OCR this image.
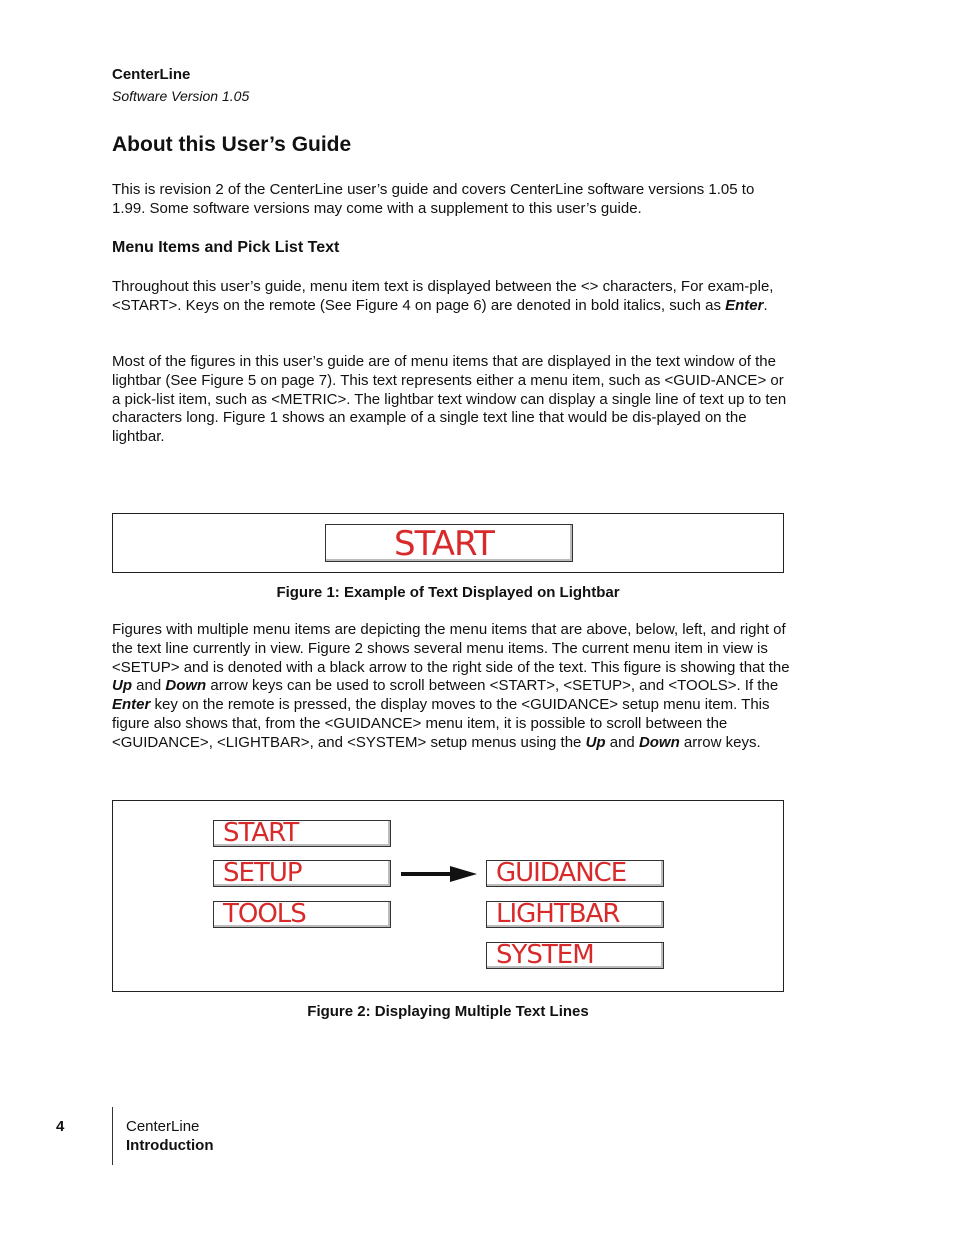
CenterLine
Software Version 1.05
About this User’s Guide

This is revision 2 of the CenterLine user’s guide and covers CenterLine software versions 1.05 to 1.99. Some software versions may come with a supplement to this user’s guide.

Menu Items and Pick List Text

Throughout this user’s guide, menu item text is displayed between the <> characters, For exam-ple, <START>. Keys on the remote (See Figure 4 on page 6) are denoted in bold italics, such as Enter.

Most of the figures in this user’s guide are of menu items that are displayed in the text window of the lightbar (See Figure 5 on page 7). This text represents either a menu item, such as <GUID-ANCE> or a pick-list item, such as <METRIC>. The lightbar text window can display a single line of text up to ten characters long. Figure 1 shows an example of a single text line that would be dis-played on the lightbar.

START
Figure 1: Example of Text Displayed on Lightbar

Figures with multiple menu items are depicting the menu items that are above, below, left, and right of the text line currently in view. Figure 2 shows several menu items. The current menu item in view is <SETUP> and is denoted with a black arrow to the right side of the text. This figure is showing that the Up and Down arrow keys can be used to scroll between <START>, <SETUP>, and <TOOLS>. If the Enter key on the remote is pressed, the display moves to the <GUIDANCE> setup menu item. This figure also shows that, from the <GUIDANCE> menu item, it is possible to scroll between the <GUIDANCE>, <LIGHTBAR>, and <SYSTEM> setup menus using the Up and Down arrow keys.

START
SETUP
TOOLS
GUIDANCE
LIGHTBAR
SYSTEM
Figure 2: Displaying Multiple Text Lines
4	CenterLine
Introduction
